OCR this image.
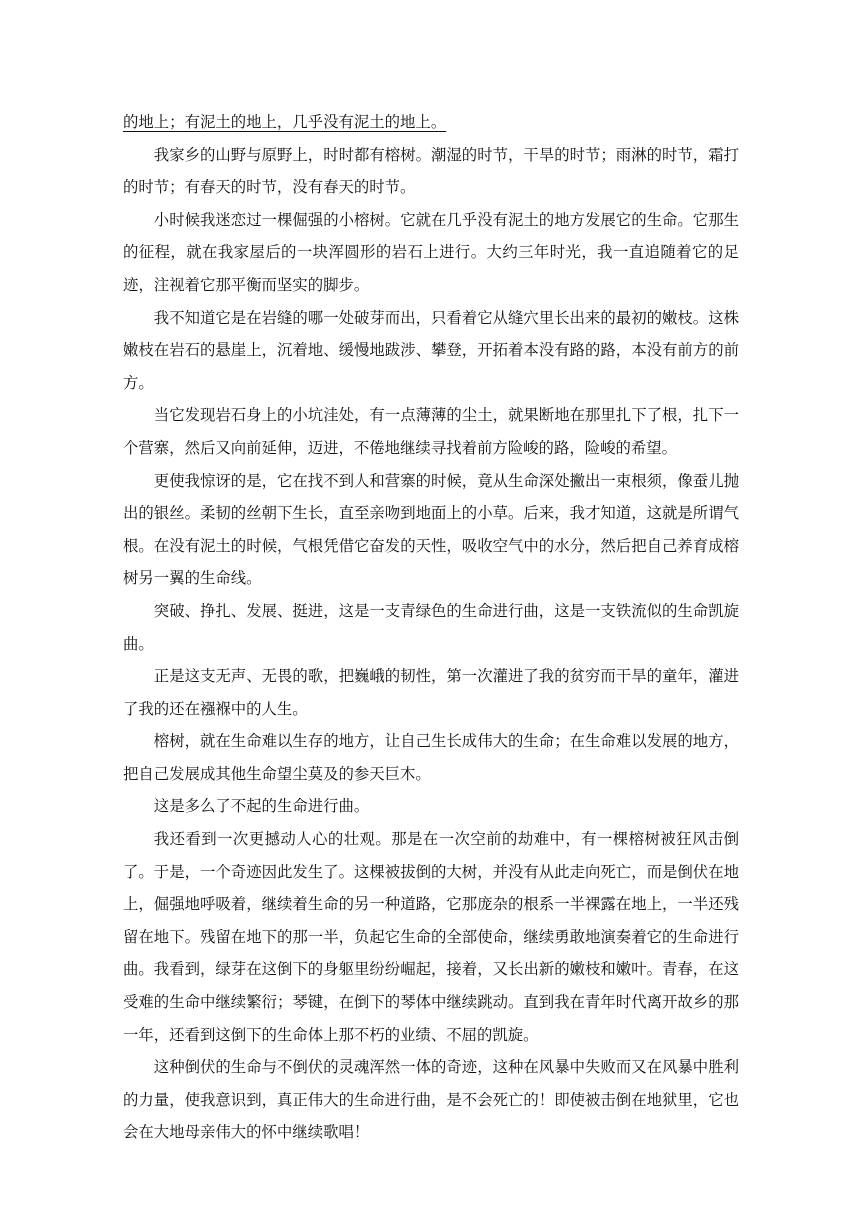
的地上；有泥土的地上，几乎没有泥土的地上。

我家乡的山野与原野上，时时都有榕树。潮湿的时节，干旱的时节；雨淋的时节，霜打的时节；有春天的时节，没有春天的时节。

小时候我迷恋过一棵倔强的小榕树。它就在几乎没有泥土的地方发展它的生命。它那生的征程，就在我家屋后的一块浑圆形的岩石上进行。大约三年时光，我一直追随着它的足迹，注视着它那平衡而坚实的脚步。

我不知道它是在岩缝的哪一处破芽而出，只看着它从缝穴里长出来的最初的嫩枝。这株嫩枝在岩石的悬崖上，沉着地、缓慢地跋涉、攀登，开拓着本没有路的路，本没有前方的前方。

当它发现岩石身上的小坑洼处，有一点薄薄的尘土，就果断地在那里扎下了根，扎下一个营寨，然后又向前延伸，迈进，不倦地继续寻找着前方险峻的路，险峻的希望。

更使我惊讶的是，它在找不到人和营寨的时候，竟从生命深处撇出一束根须，像蚕儿抛出的银丝。柔韧的丝朝下生长，直至亲吻到地面上的小草。后来，我才知道，这就是所谓气根。在没有泥土的时候，气根凭借它奋发的天性，吸收空气中的水分，然后把自己养育成榕树另一翼的生命线。

突破、挣扎、发展、挺进，这是一支青绿色的生命进行曲，这是一支铁流似的生命凯旋曲。

正是这支无声、无畏的歌，把巍峨的韧性，第一次灌进了我的贫穷而干旱的童年，灌进了我的还在襁褓中的人生。

榕树，就在生命难以生存的地方，让自己生长成伟大的生命；在生命难以发展的地方，把自己发展成其他生命望尘莫及的参天巨木。

这是多么了不起的生命进行曲。

我还看到一次更撼动人心的壮观。那是在一次空前的劫难中，有一棵榕树被狂风击倒了。于是，一个奇迹因此发生了。这棵被拔倒的大树，并没有从此走向死亡，而是倒伏在地上，倔强地呼吸着，继续着生命的另一种道路，它那庞杂的根系一半裸露在地上，一半还残留在地下。残留在地下的那一半，负起它生命的全部使命，继续勇敢地演奏着它的生命进行曲。我看到，绿芽在这倒下的身躯里纷纷崛起，接着，又长出新的嫩枝和嫩叶。青春，在这受难的生命中继续繁衍；琴键，在倒下的琴体中继续跳动。直到我在青年时代离开故乡的那一年，还看到这倒下的生命体上那不朽的业绩、不屈的凯旋。

这种倒伏的生命与不倒伏的灵魂浑然一体的奇迹，这种在风暴中失败而又在风暴中胜利的力量，使我意识到，真正伟大的生命进行曲，是不会死亡的！即使被击倒在地狱里，它也会在大地母亲伟大的怀中继续歌唱！
